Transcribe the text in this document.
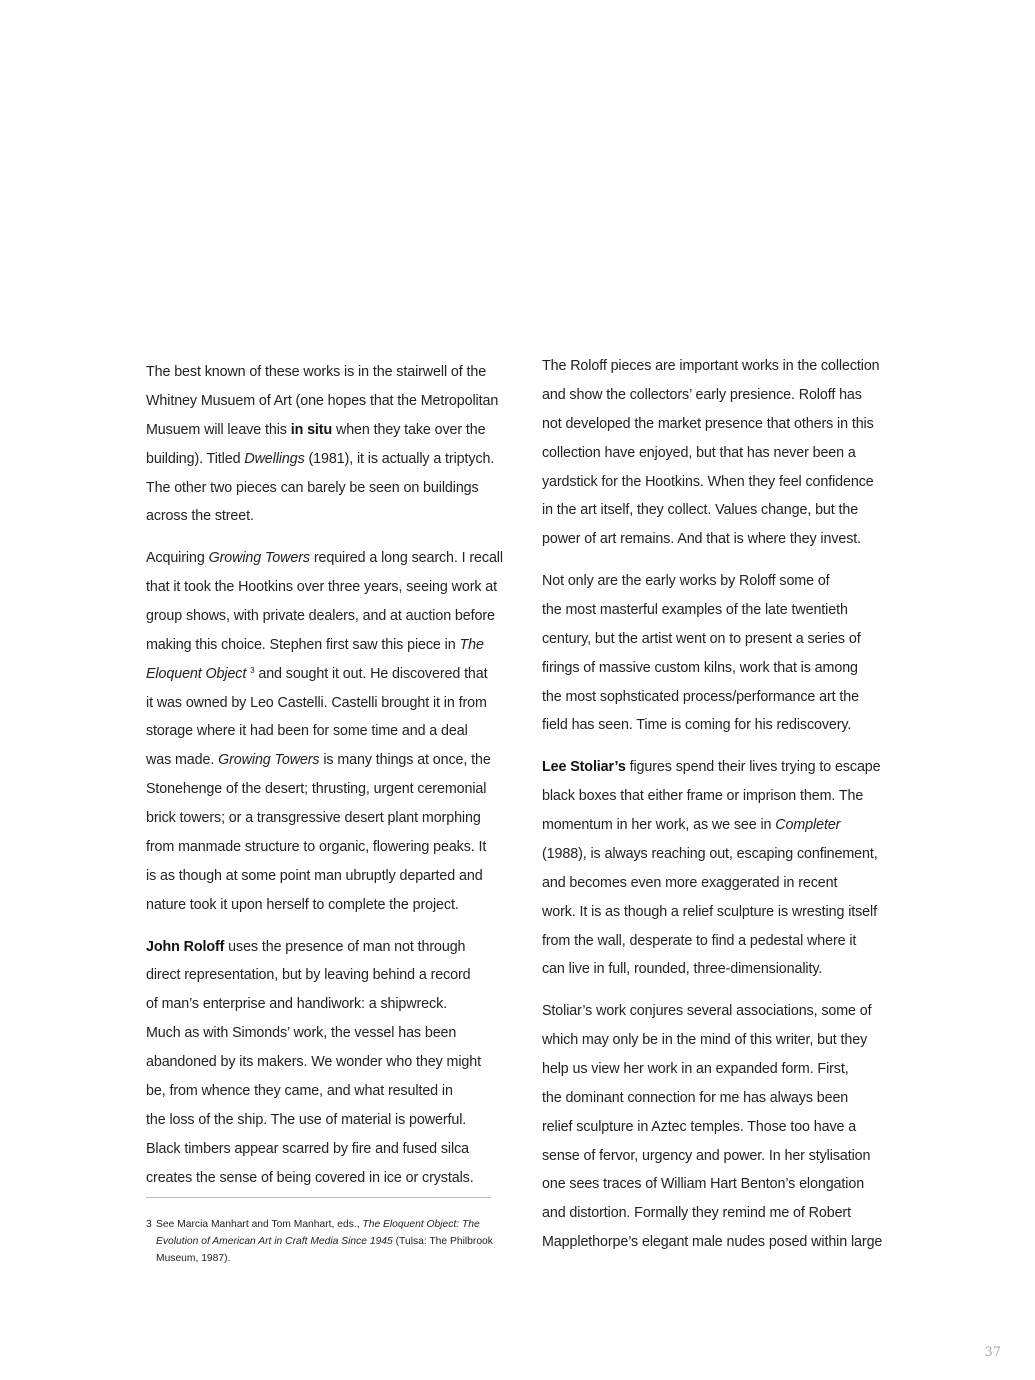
The best known of these works is in the stairwell of the
Whitney Musuem of Art (one hopes that the Metropolitan
Musuem will leave this in situ when they take over the
building). Titled Dwellings (1981), it is actually a triptych.
The other two pieces can barely be seen on buildings
across the street.
Acquiring Growing Towers required a long search. I recall
that it took the Hootkins over three years, seeing work at
group shows, with private dealers, and at auction before
making this choice. Stephen first saw this piece in The
Eloquent Object $^3$ and sought it out. He discovered that
it was owned by Leo Castelli. Castelli brought it in from
storage where it had been for some time and a deal
was made. Growing Towers is many things at once, the
Stonehenge of the desert; thrusting, urgent ceremonial
brick towers; or a transgressive desert plant morphing
from manmade structure to organic, flowering peaks. It
is as though at some point man ubruptly departed and
nature took it upon herself to complete the project.
John Roloff uses the presence of man not through
direct representation, but by leaving behind a record
of man’s enterprise and handiwork: a shipwreck.
Much as with Simonds’ work, the vessel has been
abandoned by its makers. We wonder who they might
be, from whence they came, and what resulted in
the loss of the ship. The use of material is powerful.
Black timbers appear scarred by fire and fused silca
creates the sense of being covered in ice or crystals.
3 See Marcia Manhart and Tom Manhart, eds., The Eloquent Object: The
Evolution of American Art in Craft Media Since 1945 (Tulsa: The Philbrook
Museum, 1987).
The Roloff pieces are important works in the collection
and show the collectors’ early presience. Roloff has
not developed the market presence that others in this
collection have enjoyed, but that has never been a
yardstick for the Hootkins. When they feel confidence
in the art itself, they collect. Values change, but the
power of art remains. And that is where they invest.
Not only are the early works by Roloff some of
the most masterful examples of the late twentieth
century, but the artist went on to present a series of
firings of massive custom kilns, work that is among
the most sophsticated process/performance art the
field has seen. Time is coming for his rediscovery.
Lee Stoliar’s figures spend their lives trying to escape
black boxes that either frame or imprison them. The
momentum in her work, as we see in Completer
(1988), is always reaching out, escaping confinement,
and becomes even more exaggerated in recent
work. It is as though a relief sculpture is wresting itself
from the wall, desperate to find a pedestal where it
can live in full, rounded, three-dimensionality.
Stoliar’s work conjures several associations, some of
which may only be in the mind of this writer, but they
help us view her work in an expanded form. First,
the dominant connection for me has always been
relief sculpture in Aztec temples. Those too have a
sense of fervor, urgency and power. In her stylisation
one sees traces of William Hart Benton’s elongation
and distortion. Formally they remind me of Robert
Mapplethorpe’s elegant male nudes posed within large
37
